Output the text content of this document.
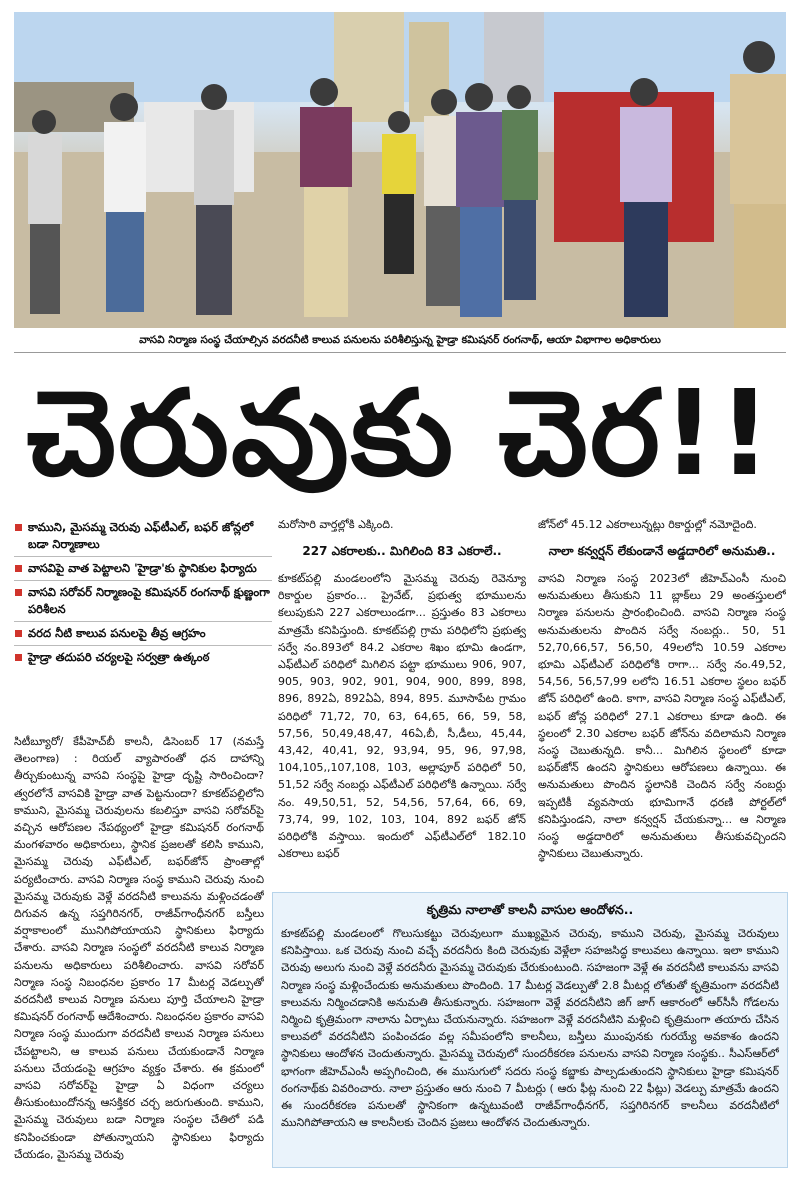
వాసవి నిర్మాణ సంస్థ చేయాల్సిన వరదనీటి కాలువ పనులను పరిశీలిస్తున్న హైడ్రా కమిషనర్ రంగనాథ్, ఆయా విభాగాల అధికారులు
చెరువుకు చెర!!
కాముని, మైసమ్మ చెరువు ఎఫ్‌టీఎల్, బఫర్ జోన్లలో బడా నిర్మాణాలు
వాసవిపై వాత పెట్టాలని 'హైడ్రా'కు స్థానికుల ఫిర్యాదు
వాసవి సరోవర్ నిర్మాణంపై కమిషనర్ రంగనాథ్ క్షుణ్ణంగా పరిశీలన
వరద నీటి కాలువ పనులపై తీవ్ర ఆగ్రహం
హైడ్రా తదుపరి చర్యలపై సర్వత్రా ఉత్కంఠ

సిటీబ్యూరో/ కేపీహెచ్‌బీ కాలనీ, డిసెంబర్ 17 (నమస్తే తెలంగాణ) : రియల్ వ్యాపారంతో ధన దాహాన్ని తీర్చుకుంటున్న వాసవి సంస్థపై హైడ్రా దృష్టి సారించిందా? త్వరలోనే వాసవికి హైడ్రా వాత పెట్టనుందా? కూకట్‌పల్లిలోని కాముని, మైసమ్మ చెరువులను కబలిస్తూ వాసవి సరోవర్‌పై వచ్చిన ఆరోపణల నేపథ్యంలో హైడ్రా కమిషనర్ రంగనాథ్ మంగళవారం అధికారులు, స్థానిక ప్రజలతో కలిసి కాముని, మైసమ్మ చెరువు ఎఫ్‌టీఎల్, బఫర్‌జోన్ ప్రాంతాల్లో పర్యటించారు. వాసవి నిర్మాణ సంస్థ కాముని చెరువు నుంచి మైసమ్మ చెరువుకు వెళ్లే వరదనీటి కాలువను మళ్లించడంతో దిగువన ఉన్న సప్తగిరినగర్, రాజీవ్‌గాంధీనగర్ బస్తీలు వర్షాకాలంలో మునిగిపోయాయని స్థానికులు ఫిర్యాదు చేశారు. వాసవి నిర్మాణ సంస్థలో వరదనీటి కాలువ నిర్మాణ పనులను అధికారులు పరిశీలించారు. వాసవి సరోవర్ నిర్మాణ సంస్థ నిబంధనల ప్రకారం 17 మీటర్ల వెడల్పుతో వరదనీటి కాలువ నిర్మాణ పనులు పూర్తి చేయాలని హైడ్రా కమిషనర్ రంగనాథ్ ఆదేశించారు. నిబంధనల ప్రకారం వాసవి నిర్మాణ సంస్థ ముందుగా వరదనీటి కాలువ నిర్మాణ పనులు చేపట్టాలని, ఆ కాలువ పనులు చేయకుండానే నిర్మాణ పనులు చేయడంపై ఆగ్రహం వ్యక్తం చేశారు. ఈ క్రమంలో వాసవి సరోవర్‌పై హైడ్రా ఏ విధంగా చర్యలు తీసుకుంటుందోనన్న ఆసక్తికర చర్చ జరుగుతుంది. కాముని, మైసమ్మ చెరువులు బడా నిర్మాణ సంస్థల చేతిలో పడి కనిపించకుండా పోతున్నాయని స్థానికులు ఫిర్యాదు చేయడం, మైసమ్మ చెరువు

మరోసారి వార్తల్లోకి ఎక్కింది.

227 ఎకరాలకు.. మిగిలింది 83 ఎకరాలే..

కూకట్‌పల్లి మండలంలోని మైసమ్మ చెరువు రెవెన్యూ రికార్డుల ప్రకారం... ప్రైవేట్, ప్రభుత్వ భూములను కలుపుకుని 227 ఎకరాలుండగా... ప్రస్తుతం 83 ఎకరాలు మాత్రమే కనిపిస్తుంది. కూకట్‌పల్లి గ్రామ పరిధిలోని ప్రభుత్వ సర్వే నం.893లో 84.2 ఎకరాల శిఖం భూమి ఉండగా, ఎఫ్‌టీఎల్ పరిధిలో మిగిలిన పట్టా భూములు 906, 907, 905, 903, 902, 901, 904, 900, 899, 898, 896, 892ఏ, 892ఏఏ, 894, 895. మూసాపేట గ్రామం పరిధిలో 71,72, 70, 63, 64,65, 66, 59, 58, 57,56, 50,49,48,47, 46ఏ,బీ, సీ,డీలు, 45,44, 43,42, 40,41, 92, 93,94, 95, 96, 97,98, 104,105,,107,108, 103, అల్లాపూర్ పరిధిలో 50, 51,52 సర్వే నంబర్లు ఎఫ్‌టీఎల్ పరిధిలోకి ఉన్నాయి. సర్వే నం. 49,50,51, 52, 54,56, 57,64, 66, 69, 73,74, 99, 102, 103, 104, 892 బఫర్ జోన్ పరిధిలోకి వస్తాయి. ఇందులో ఎఫ్‌టీఎల్‌లో 182.10 ఎకరాలు బఫర్

జోన్‌లో 45.12 ఎకరాలున్నట్లు రికార్డుల్లో నమోదైంది.

నాలా కన్వర్షన్ లేకుండానే అడ్డదారిలో అనుమతి..

వాసవి నిర్మాణ సంస్థ 2023లో జీహెచ్‌ఎంసీ నుంచి అనుమతులు తీసుకుని 11 బ్లాక్‌లు 29 అంతస్తులలో నిర్మాణ పనులను ప్రారంభించింది. వాసవి నిర్మాణ సంస్థ అనుమతులను పొందిన సర్వే నంబర్లు.. 50, 51 52,70,66,57, 56,50, 49లలోని 10.59 ఎకరాల భూమి ఎఫ్‌టీఎల్ పరిధిలోకి రాగా... సర్వే నం.49,52, 54,56, 56,57,99 లలోని 16.51 ఎకరాల స్థలం బఫర్ జోన్ పరిధిలో ఉంది. కాగా, వాసవి నిర్మాణ సంస్థ ఎఫ్‌టీఎల్, బఫర్ జోన్ల పరిధిలో 27.1 ఎకరాలు కూడా ఉంది. ఈ స్థలంలో 2.30 ఎకరాల బఫర్ జోన్‌ను వదిలామని నిర్మాణ సంస్థ చెబుతున్నది. కానీ... మిగిలిన స్థలంలో కూడా బఫర్‌జోన్ ఉందని స్థానికులు ఆరోపణలు ఉన్నాయి. ఈ అనుమతులు పొందిన స్థలానికి చెందిన సర్వే నంబర్లు ఇప్పటికీ వ్యవసాయ భూమిగానే ధరణి పోర్టల్‌లో కనిపిస్తుండని, నాలా కన్వర్షన్ చేయకున్నా... ఆ నిర్మాణ సంస్థ అడ్డదారిలో అనుమతులు తీసుకువచ్చిందని స్థానికులు చెబుతున్నారు.

కృత్రిమ నాలాతో కాలనీ వాసుల ఆందోళన..
కూకట్‌పల్లి మండలంలో గొలుసుకట్టు చెరువులుగా ముఖ్యమైన చెరువు, కాముని చెరువు, మైసమ్మ చెరువులు కనిపిస్తాయి. ఒక చెరువు నుంచి వచ్చే వరదనీరు కింది చెరువుకు వెళ్లేలా సహజసిద్ధ కాలువలు ఉన్నాయి. ఇలా కాముని చెరువు అలుగు నుంచి వెళ్లే వరదనీరు మైసమ్మ చెరువుకు చేరుకుంటుంది. సహజంగా వెళ్లే ఈ వరదనీటి కాలువను వాసవి నిర్మాణ సంస్థ మళ్లించేందుకు అనుమతులు పొందింది. 17 మీటర్ల వెడల్పుతో 2.8 మీటర్ల లోతుతో కృత్రిమంగా వరదనీటి కాలువను నిర్మించడానికి అనుమతి తీసుకున్నారు. సహజంగా వెళ్లే వరదనీటిని జిగ్ జాగ్ ఆకారంలో ఆర్‌సీసీ గోడలను నిర్మించి కృత్రిమంగా నాలాను ఏర్పాటు చేయనున్నారు. సహజంగా వెళ్లే వరదనీటిని మళ్లించి కృత్రిమంగా తయారు చేసిన కాలువలో వరదనీటిని పంపించడం వల్ల సమీపంలోని కాలనీలు, బస్తీలు ముంపునకు గురయ్యే అవకాశం ఉందని స్థానికులు ఆందోళన చెందుతున్నారు. మైసమ్మ చెరువులో సుందరీకరణ పనులను వాసవి నిర్మాణ సంస్థకు.. సీఎస్‌ఆర్‌లో భాగంగా జీహెచ్‌ఎంసీ అప్పగించింది, ఈ ముసుగులో సదరు సంస్థ కబ్జాకు పాల్పడుతుందని స్థానికులు హైడ్రా కమిషనర్ రంగనాథ్‌కు వివరించారు. నాలా ప్రస్తుతం ఆరు నుంచి 7 మీటర్లు ( ఆరు ఫీట్ల నుంచి 22 ఫీట్లు) వెడల్పు మాత్రమే ఉందని ఈ సుందరీకరణ పనులతో స్థానికంగా ఉన్నటువంటి రాజీవ్‌గాంధీనగర్, సప్తగిరినగర్ కాలనీలు వరదనీటిలో మునిగిపోతాయని ఆ కాలనీలకు చెందిన ప్రజలు ఆందోళన చెందుతున్నారు.
